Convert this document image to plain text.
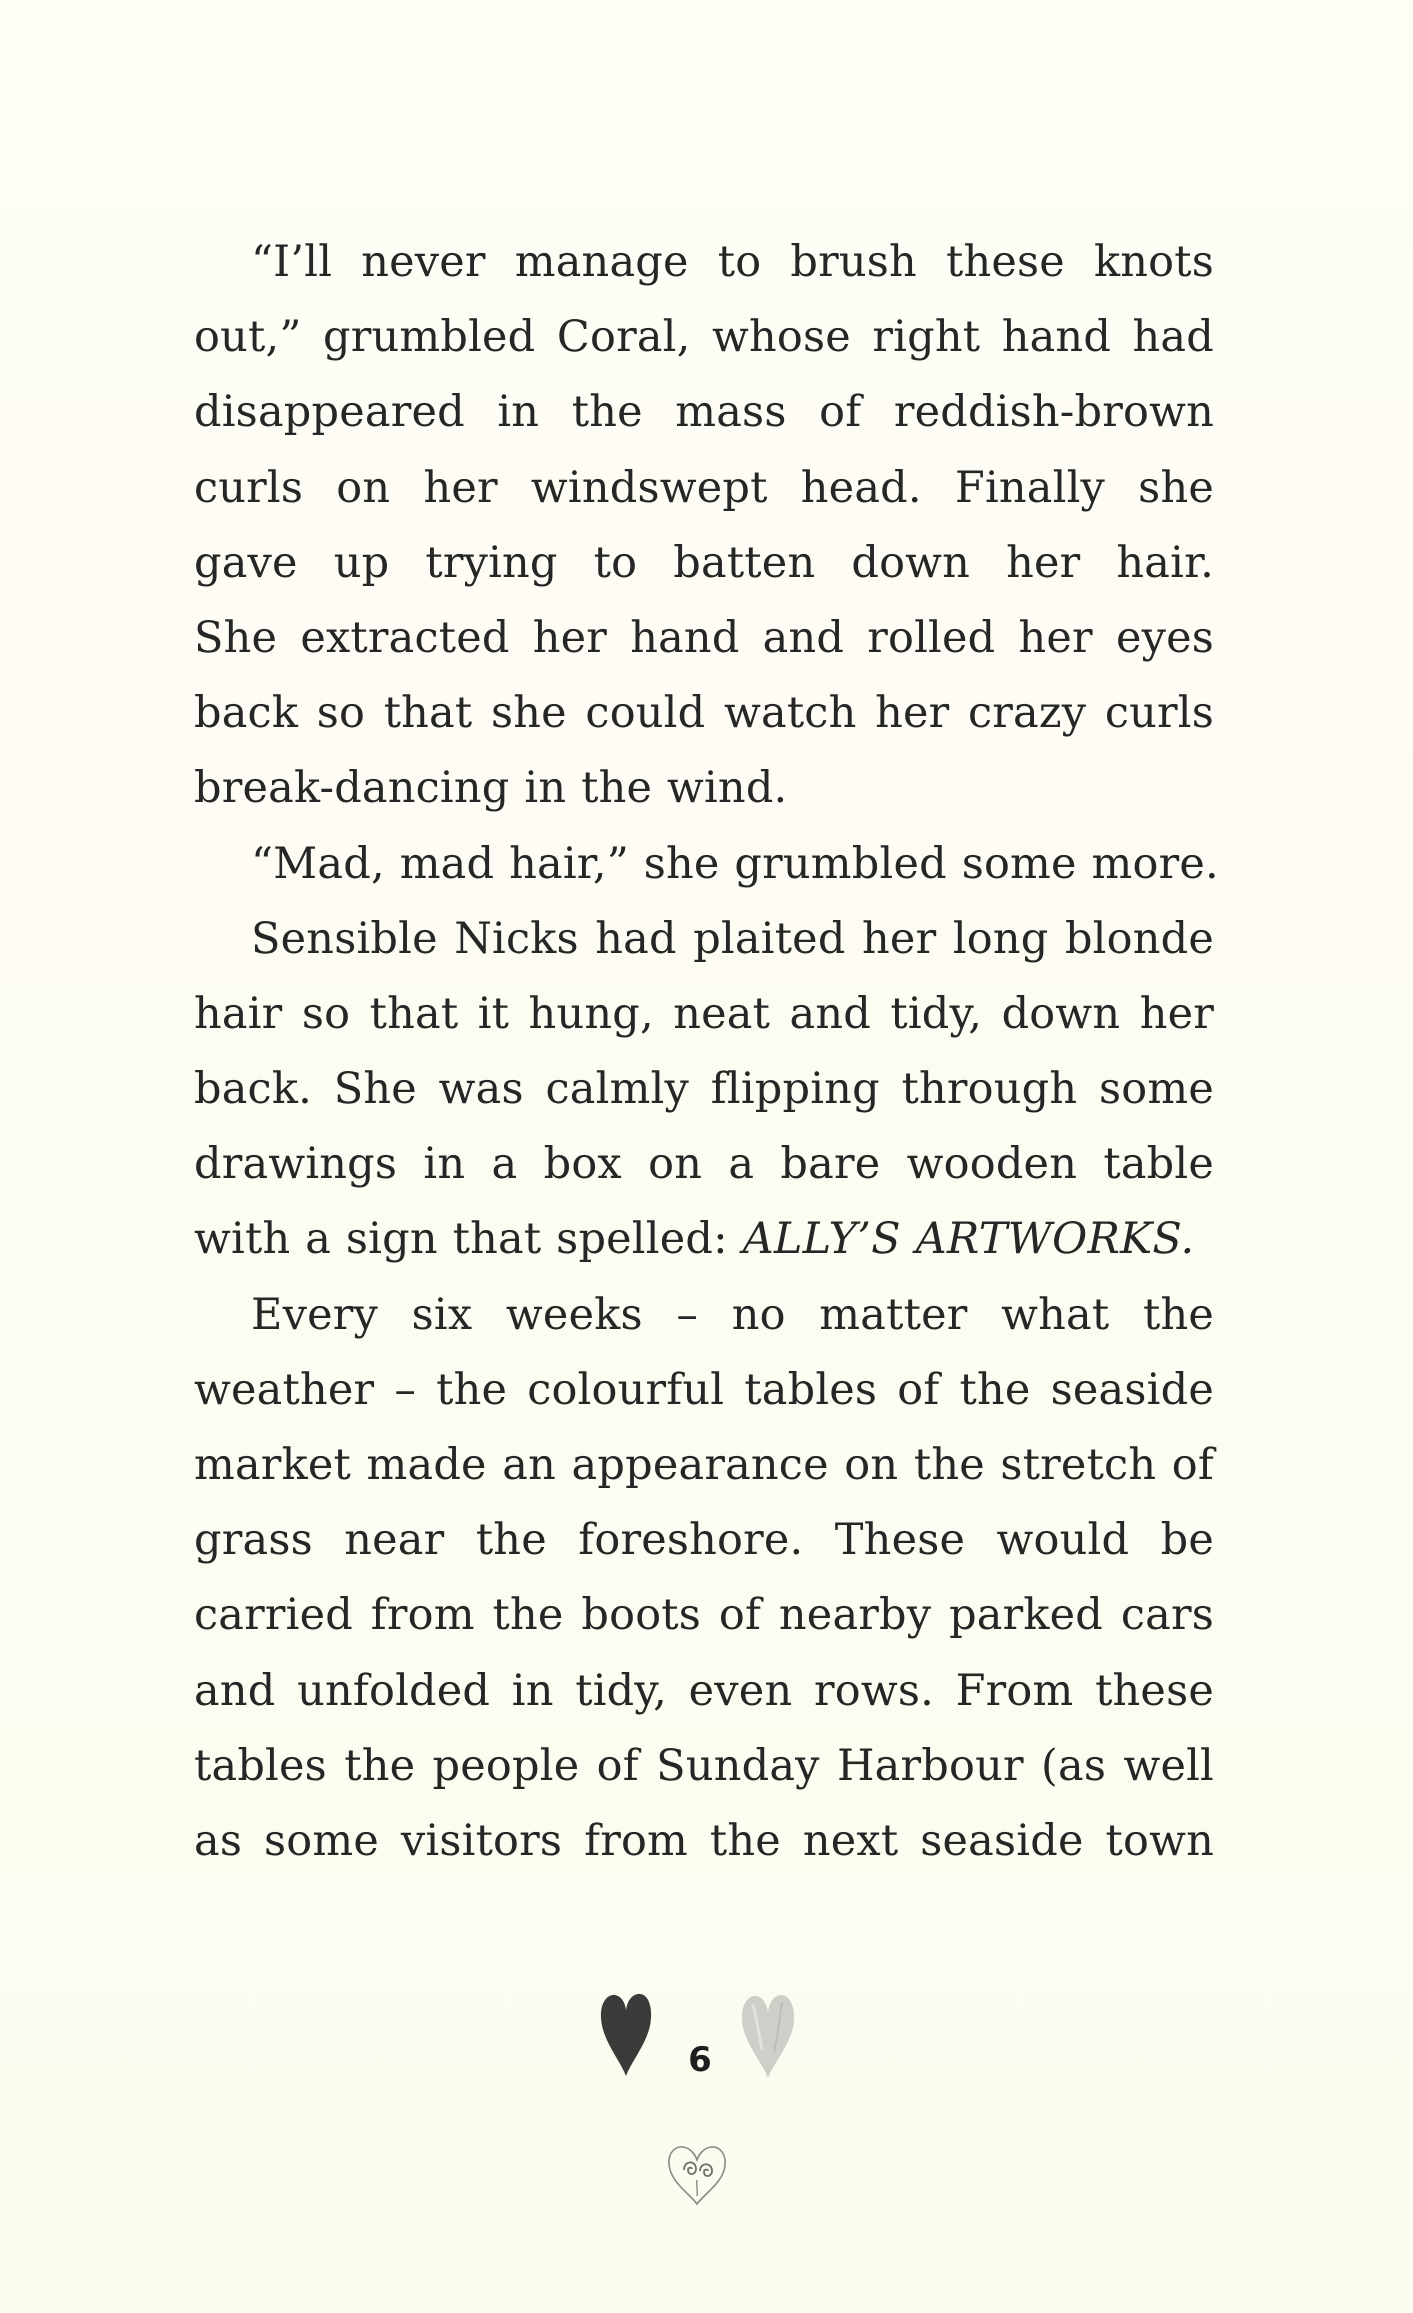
“I’ll never manage to brush these knots
out,” grumbled Coral, whose right hand had
disappeared in the mass of reddish-brown
curls on her windswept head. Finally she
gave up trying to batten down her hair.
She extracted her hand and rolled her eyes
back so that she could watch her crazy curls
break-dancing in the wind.
“Mad, mad hair,” she grumbled some more.
Sensible Nicks had plaited her long blonde
hair so that it hung, neat and tidy, down her
back. She was calmly flipping through some
drawings in a box on a bare wooden table
with a sign that spelled: ALLY’S ARTWORKS.
Every six weeks – no matter what the
weather – the colourful tables of the seaside
market made an appearance on the stretch of
grass near the foreshore. These would be
carried from the boots of nearby parked cars
and unfolded in tidy, even rows. From these
tables the people of Sunday Harbour (as well
as some visitors from the next seaside town
6
